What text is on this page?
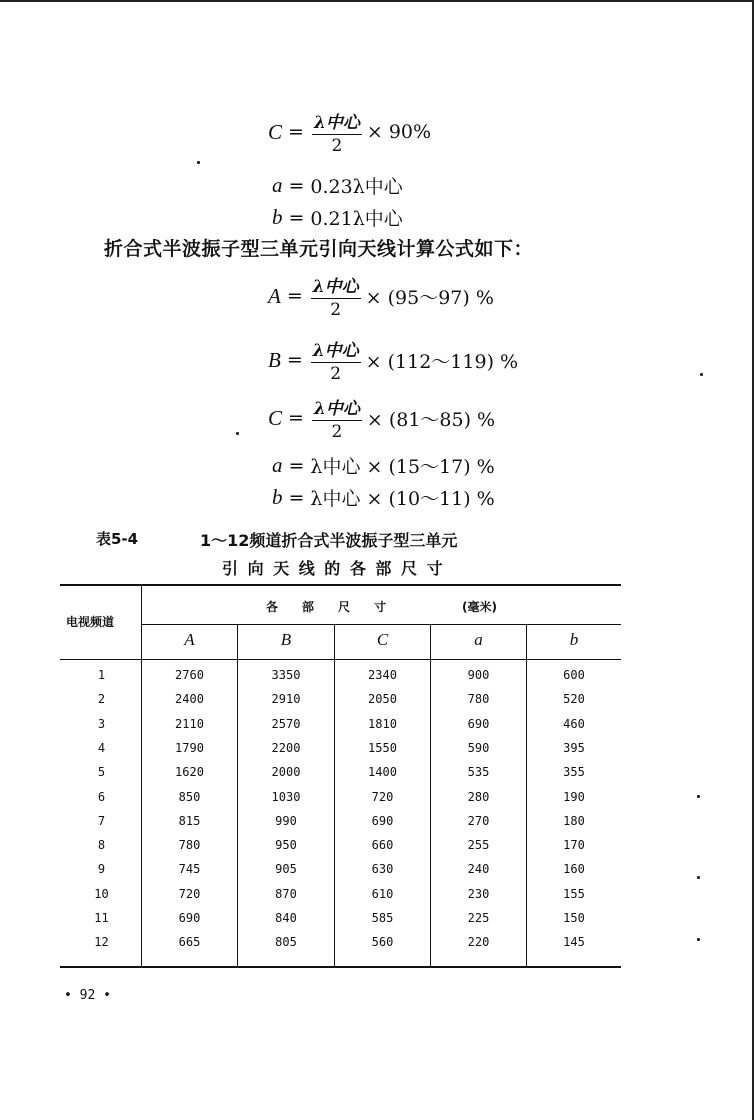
$C = \frac{\text{λ中心}}{2} \times 90\%$
a = 0.23λ中心
b = 0.21λ中心
折合式半波振子型三单元引向天线计算公式如下：
$A = \frac{\text{λ中心}}{2}$ × (95～97) %
$B = \frac{\text{λ中心}}{2}$ × (112～119) %
$C = \frac{\text{λ中心}}{2}$ × (81～85) %
a = λ中心 × (15～17) %
b = λ中心 × (10～11) %
表5-4	1～12频道折合式半波振子型三单元
引 向 天 线 的 各 部 尺 寸
电视频道
各　　部　　尺　　寸	(毫米)
A	B	C	a	b
1	2760	3350	2340	900	600
2	2400	2910	2050	780	520
3	2110	2570	1810	690	460
4	1790	2200	1550	590	395
5	1620	2000	1400	535	355
6	850	1030	720	280	190
7	815	990	690	270	180
8	780	950	660	255	170
9	745	905	630	240	160
10	720	870	610	230	155
11	690	840	585	225	150
12	665	805	560	220	145
• 92 •
